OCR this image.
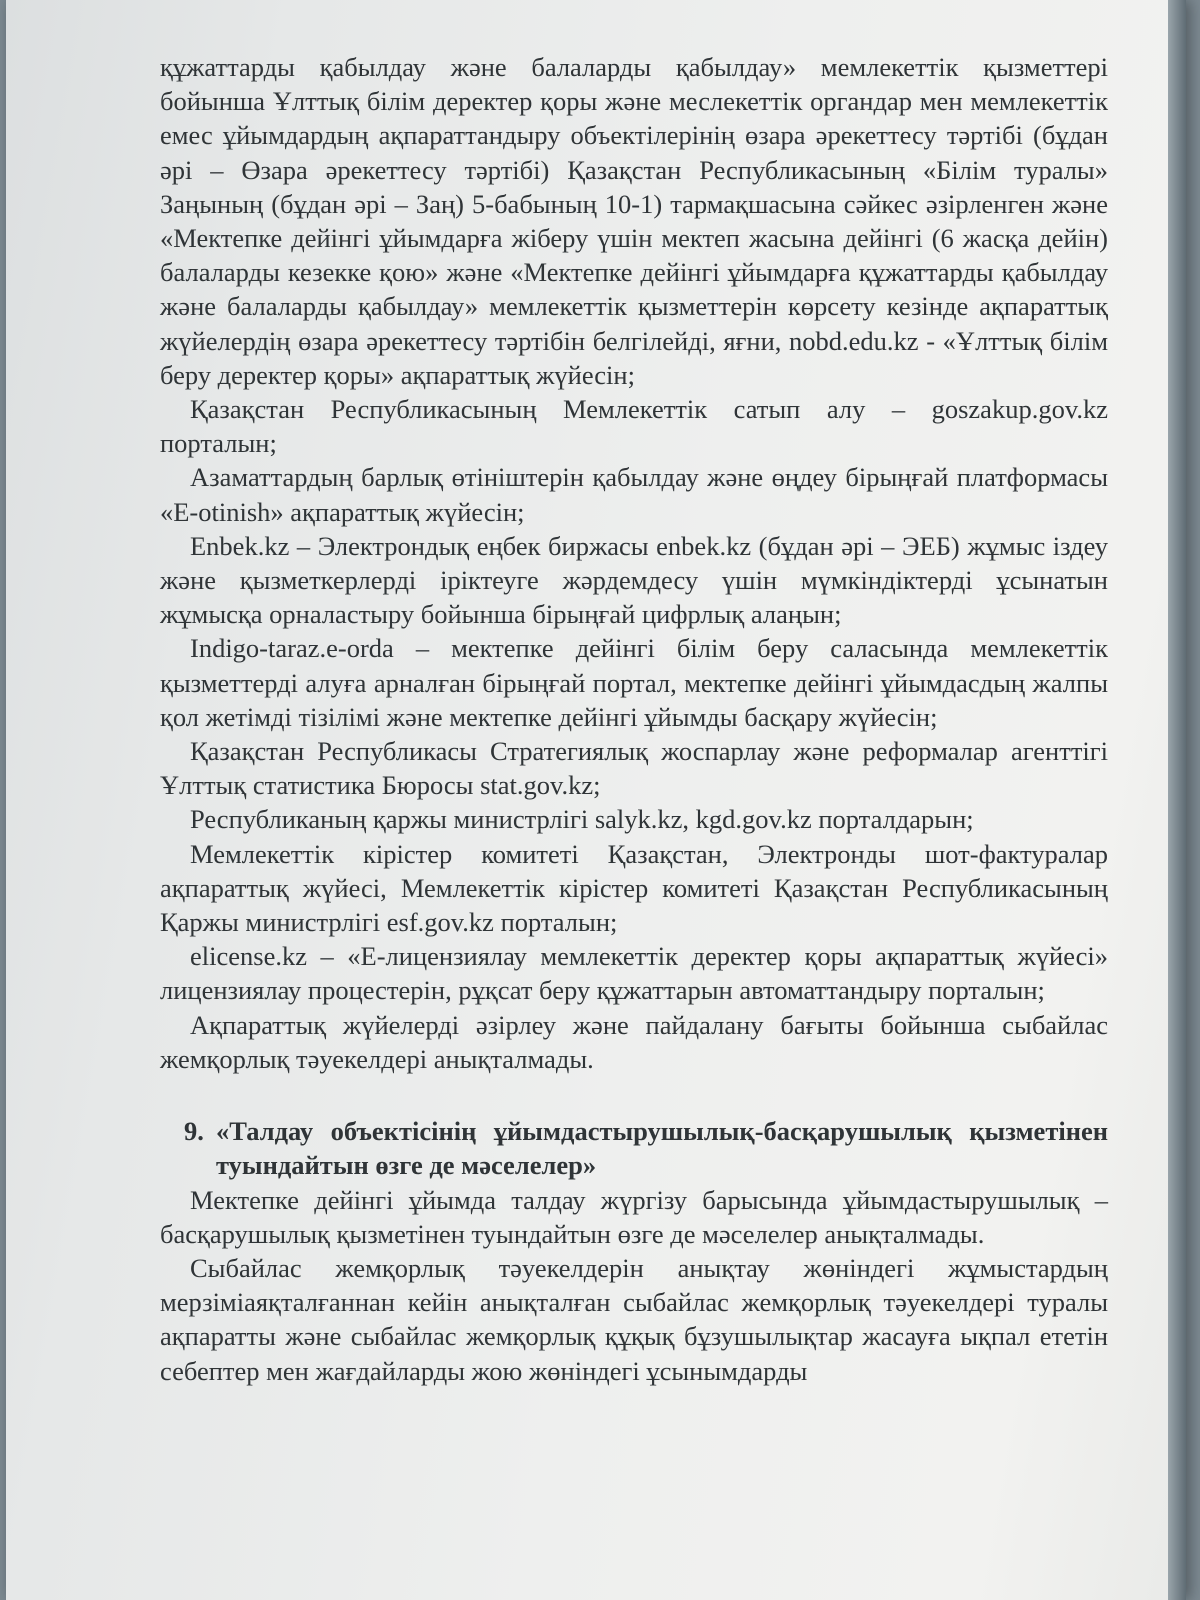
құжаттарды қабылдау және балаларды қабылдау» мемлекеттік қызметтері бойынша Ұлттық білім деректер қоры және меслекеттік органдар мен мемлекеттік емес ұйымдардың ақпараттандыру объектілерінің өзара әрекеттесу тәртібі (бұдан әрі – Өзара әрекеттесу тәртібі) Қазақстан Республикасының «Білім туралы» Заңының (бұдан әрі – Заң) 5-бабының 10-1) тармақшасына сәйкес әзірленген және «Мектепке дейінгі ұйымдарға жіберу үшін мектеп жасына дейінгі (6 жасқа дейін) балаларды кезекке қою» және «Мектепке дейінгі ұйымдарға құжаттарды қабылдау және балаларды қабылдау» мемлекеттік қызметтерін көрсету кезінде ақпараттық жүйелердің өзара әрекеттесу тәртібін белгілейді, яғни, nobd.edu.kz - «Ұлттық білім беру деректер қоры» ақпараттық жүйесін;

Қазақстан Республикасының Мемлекеттік сатып алу – goszakup.gov.kz порталын;

Азаматтардың барлық өтініштерін қабылдау және өңдеу бірыңғай платформасы «E-otinish» ақпараттық жүйесін;

Enbek.kz – Электрондық еңбек биржасы enbek.kz (бұдан әрі – ЭЕБ) жұмыс іздеу және қызметкерлерді іріктеуге жәрдемдесу үшін мүмкіндіктерді ұсынатын жұмысқа орналастыру бойынша бірыңғай цифрлық алаңын;

Indigo-taraz.e-orda – мектепке дейінгі білім беру саласында мемлекеттік қызметтерді алуға арналған бірыңғай портал, мектепке дейінгі ұйымдасдың жалпы қол жетімді тізілімі және мектепке дейінгі ұйымды басқару жүйесін;

Қазақстан Республикасы Стратегиялық жоспарлау және реформалар агенттігі Ұлттық статистика Бюросы stat.gov.kz;

Республиканың қаржы министрлігі salyk.kz, kgd.gov.kz порталдарын;

Мемлекеттік кірістер комитеті Қазақстан, Электронды шот-фактуралар ақпараттық жүйесі, Мемлекеттік кірістер комитеті Қазақстан Республикасының Қаржы министрлігі esf.gov.kz порталын;

elicense.kz – «Е-лицензиялау мемлекеттік деректер қоры ақпараттық жүйесі» лицензиялау процестерін, рұқсат беру құжаттарын автоматтандыру порталын;

Ақпараттық жүйелерді әзірлеу және пайдалану бағыты бойынша сыбайлас жемқорлық тәуекелдері анықталмады.

9. «Талдау объектісінің ұйымдастырушылық-басқарушылық қызметінен туындайтын өзге де мәселелер»

Мектепке дейінгі ұйымда талдау жүргізу барысында ұйымдастырушылық – басқарушылық қызметінен туындайтын өзге де мәселелер анықталмады.

Сыбайлас жемқорлық тәуекелдерін анықтау жөніндегі жұмыстардың мерзіміаяқталғаннан кейін анықталған сыбайлас жемқорлық тәуекелдері туралы ақпаратты және сыбайлас жемқорлық құқық бұзушылықтар жасауға ықпал ететін себептер мен жағдайларды жою жөніндегі ұсынымдарды
